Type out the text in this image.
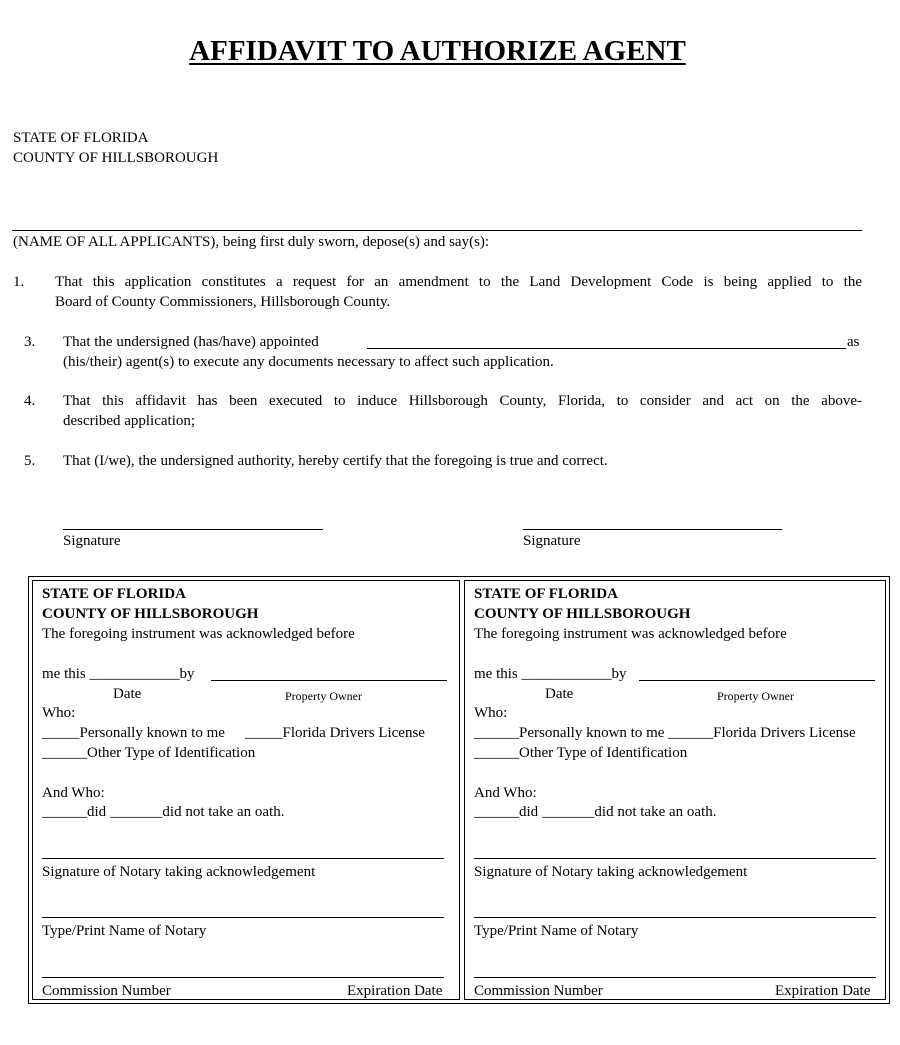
AFFIDAVIT TO AUTHORIZE AGENT
STATE OF FLORIDA
COUNTY OF HILLSBOROUGH
(NAME OF ALL APPLICANTS), being first duly sworn, depose(s) and say(s):
1. That this application constitutes a request for an amendment to the Land Development Code is being applied to the
Board of County Commissioners, Hillsborough County.
3. That the undersigned (has/have) appointed	as
(his/their) agent(s) to execute any documents necessary to affect such application.
4. That this affidavit has been executed to induce Hillsborough County, Florida, to consider and act on the above-
described application;
5. That (I/we), the undersigned authority, hereby certify that the foregoing is true and correct.
Signature	Signature
STATE OF FLORIDA
COUNTY OF HILLSBOROUGH
The foregoing instrument was acknowledged before
me this ____________by
Date	Property Owner
Who:
_____Personally known to me _____Florida Drivers License
______Other Type of Identification
And Who:
______did _______did not take an oath.
Signature of Notary taking acknowledgement
Type/Print Name of Notary
Commission Number	Expiration Date
STATE OF FLORIDA
COUNTY OF HILLSBOROUGH
The foregoing instrument was acknowledged before
me this ____________by
Date	Property Owner
Who:
______Personally known to me ______Florida Drivers License
______Other Type of Identification
And Who:
______did _______did not take an oath.
Signature of Notary taking acknowledgement
Type/Print Name of Notary
Commission Number	Expiration Date
